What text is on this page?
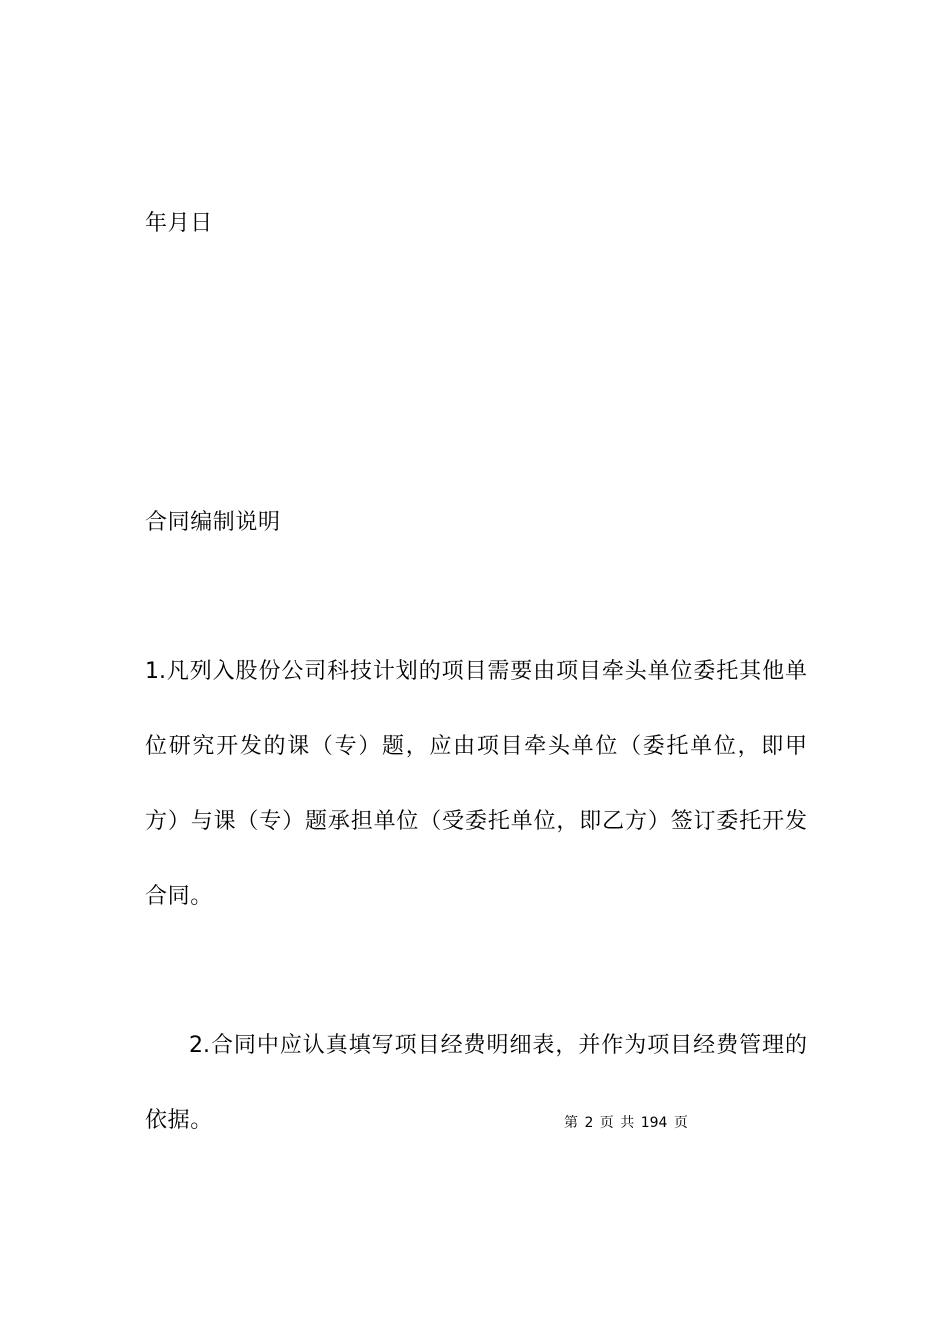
年月日
合同编制说明
1.凡列入股份公司科技计划的项目需要由项目牵头单位委托其他单
位研究开发的课（专）题，应由项目牵头单位（委托单位，即甲
方）与课（专）题承担单位（受委托单位，即乙方）签订委托开发
合同。
2.合同中应认真填写项目经费明细表，并作为项目经费管理的
依据。	第 2 页 共 194 页
